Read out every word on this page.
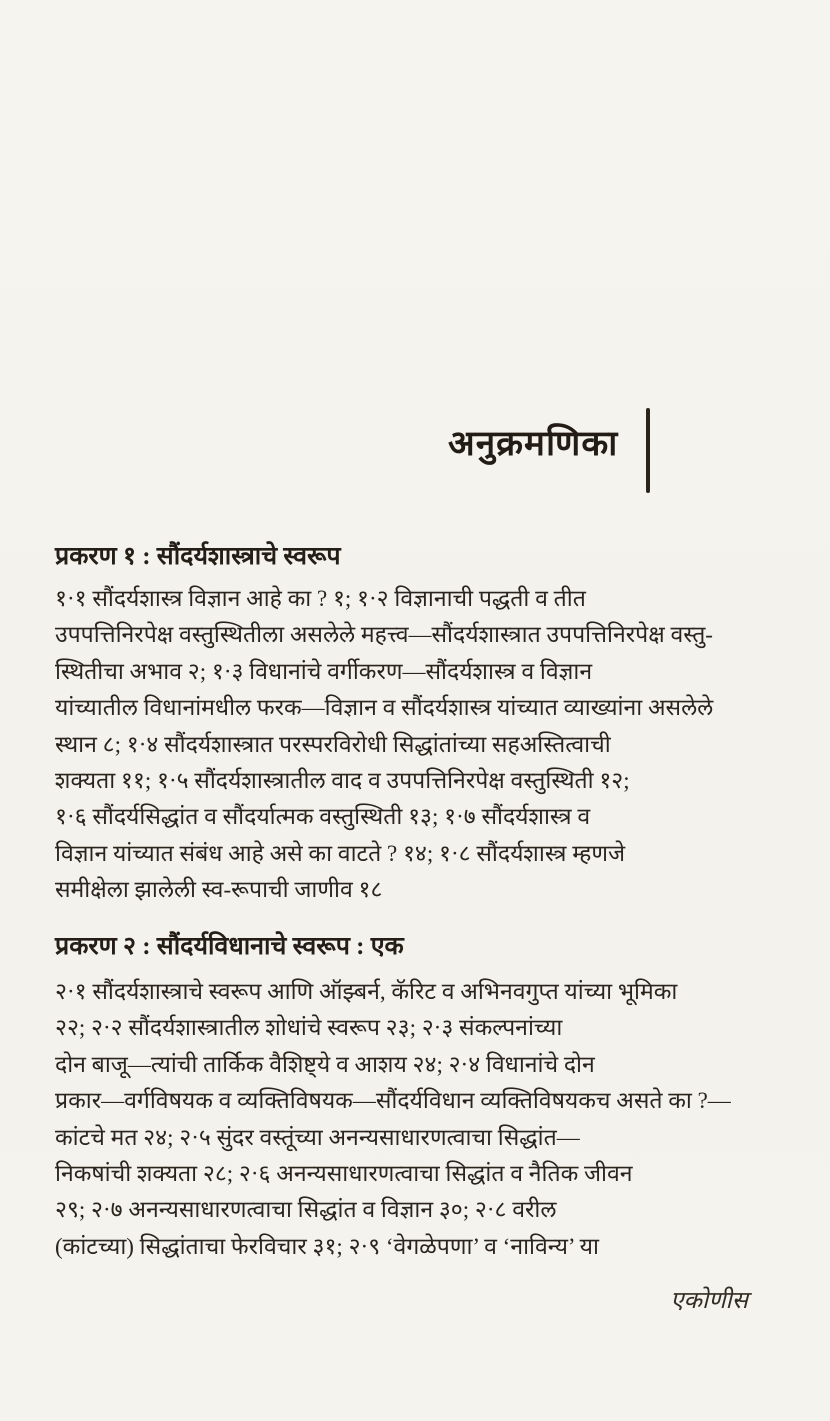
अनुक्रमणिका
प्रकरण १ : सौंदर्यशास्त्राचे स्वरूप
१·१ सौंदर्यशास्त्र विज्ञान आहे का ? १; १·२ विज्ञानाची पद्धती व तीत
उपपत्तिनिरपेक्ष वस्तुस्थितीला असलेले महत्त्व—सौंदर्यशास्त्रात उपपत्तिनिरपेक्ष वस्तु-
स्थितीचा अभाव २; १·३ विधानांचे वर्गीकरण—सौंदर्यशास्त्र व विज्ञान
यांच्यातील विधानांमधील फरक—विज्ञान व सौंदर्यशास्त्र यांच्यात व्याख्यांना असलेले
स्थान ८; १·४ सौंदर्यशास्त्रात परस्परविरोधी सिद्धांतांच्या सहअस्तित्वाची
शक्यता ११; १·५ सौंदर्यशास्त्रातील वाद व उपपत्तिनिरपेक्ष वस्तुस्थिती १२;
१·६ सौंदर्यसिद्धांत व सौंदर्यात्मक वस्तुस्थिती १३; १·७ सौंदर्यशास्त्र व
विज्ञान यांच्यात संबंध आहे असे का वाटते ? १४; १·८ सौंदर्यशास्त्र म्हणजे
समीक्षेला झालेली स्व-रूपाची जाणीव १८
प्रकरण २ : सौंदर्यविधानाचे स्वरूप : एक
२·१ सौंदर्यशास्त्राचे स्वरूप आणि ऑझ्बर्न, कॅरिट व अभिनवगुप्त यांच्या भूमिका
२२; २·२ सौंदर्यशास्त्रातील शोधांचे स्वरूप २३; २·३ संकल्पनांच्या
दोन बाजू—त्यांची तार्किक वैशिष्ट्ये व आशय २४; २·४ विधानांचे दोन
प्रकार—वर्गविषयक व व्यक्तिविषयक—सौंदर्यविधान व्यक्तिविषयकच असते का ?—
कांटचे मत २४; २·५ सुंदर वस्तूंच्या अनन्यसाधारणत्वाचा सिद्धांत—
निकषांची शक्यता २८; २·६ अनन्यसाधारणत्वाचा सिद्धांत व नैतिक जीवन
२९; २·७ अनन्यसाधारणत्वाचा सिद्धांत व विज्ञान ३०; २·८ वरील
(कांटच्या) सिद्धांताचा फेरविचार ३१; २·९ ‘वेगळेपणा’ व ‘नाविन्य’ या
एकोणीस
